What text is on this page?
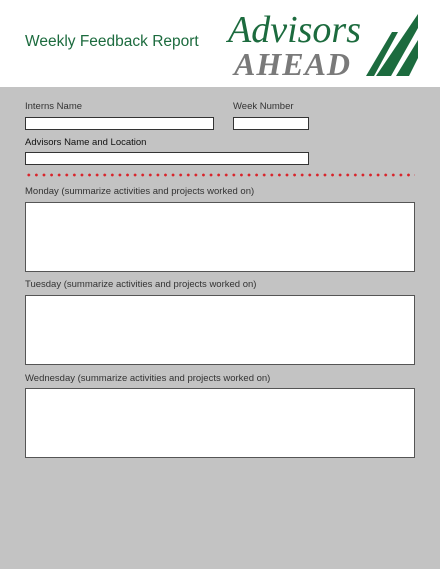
Weekly Feedback Report Advisors
AHEAD
Interns Name	Week Number
Advisors Name and Location
Monday (summarize activities and projects worked on)
Tuesday (summarize activities and projects worked on)
Wednesday (summarize activities and projects worked on)
